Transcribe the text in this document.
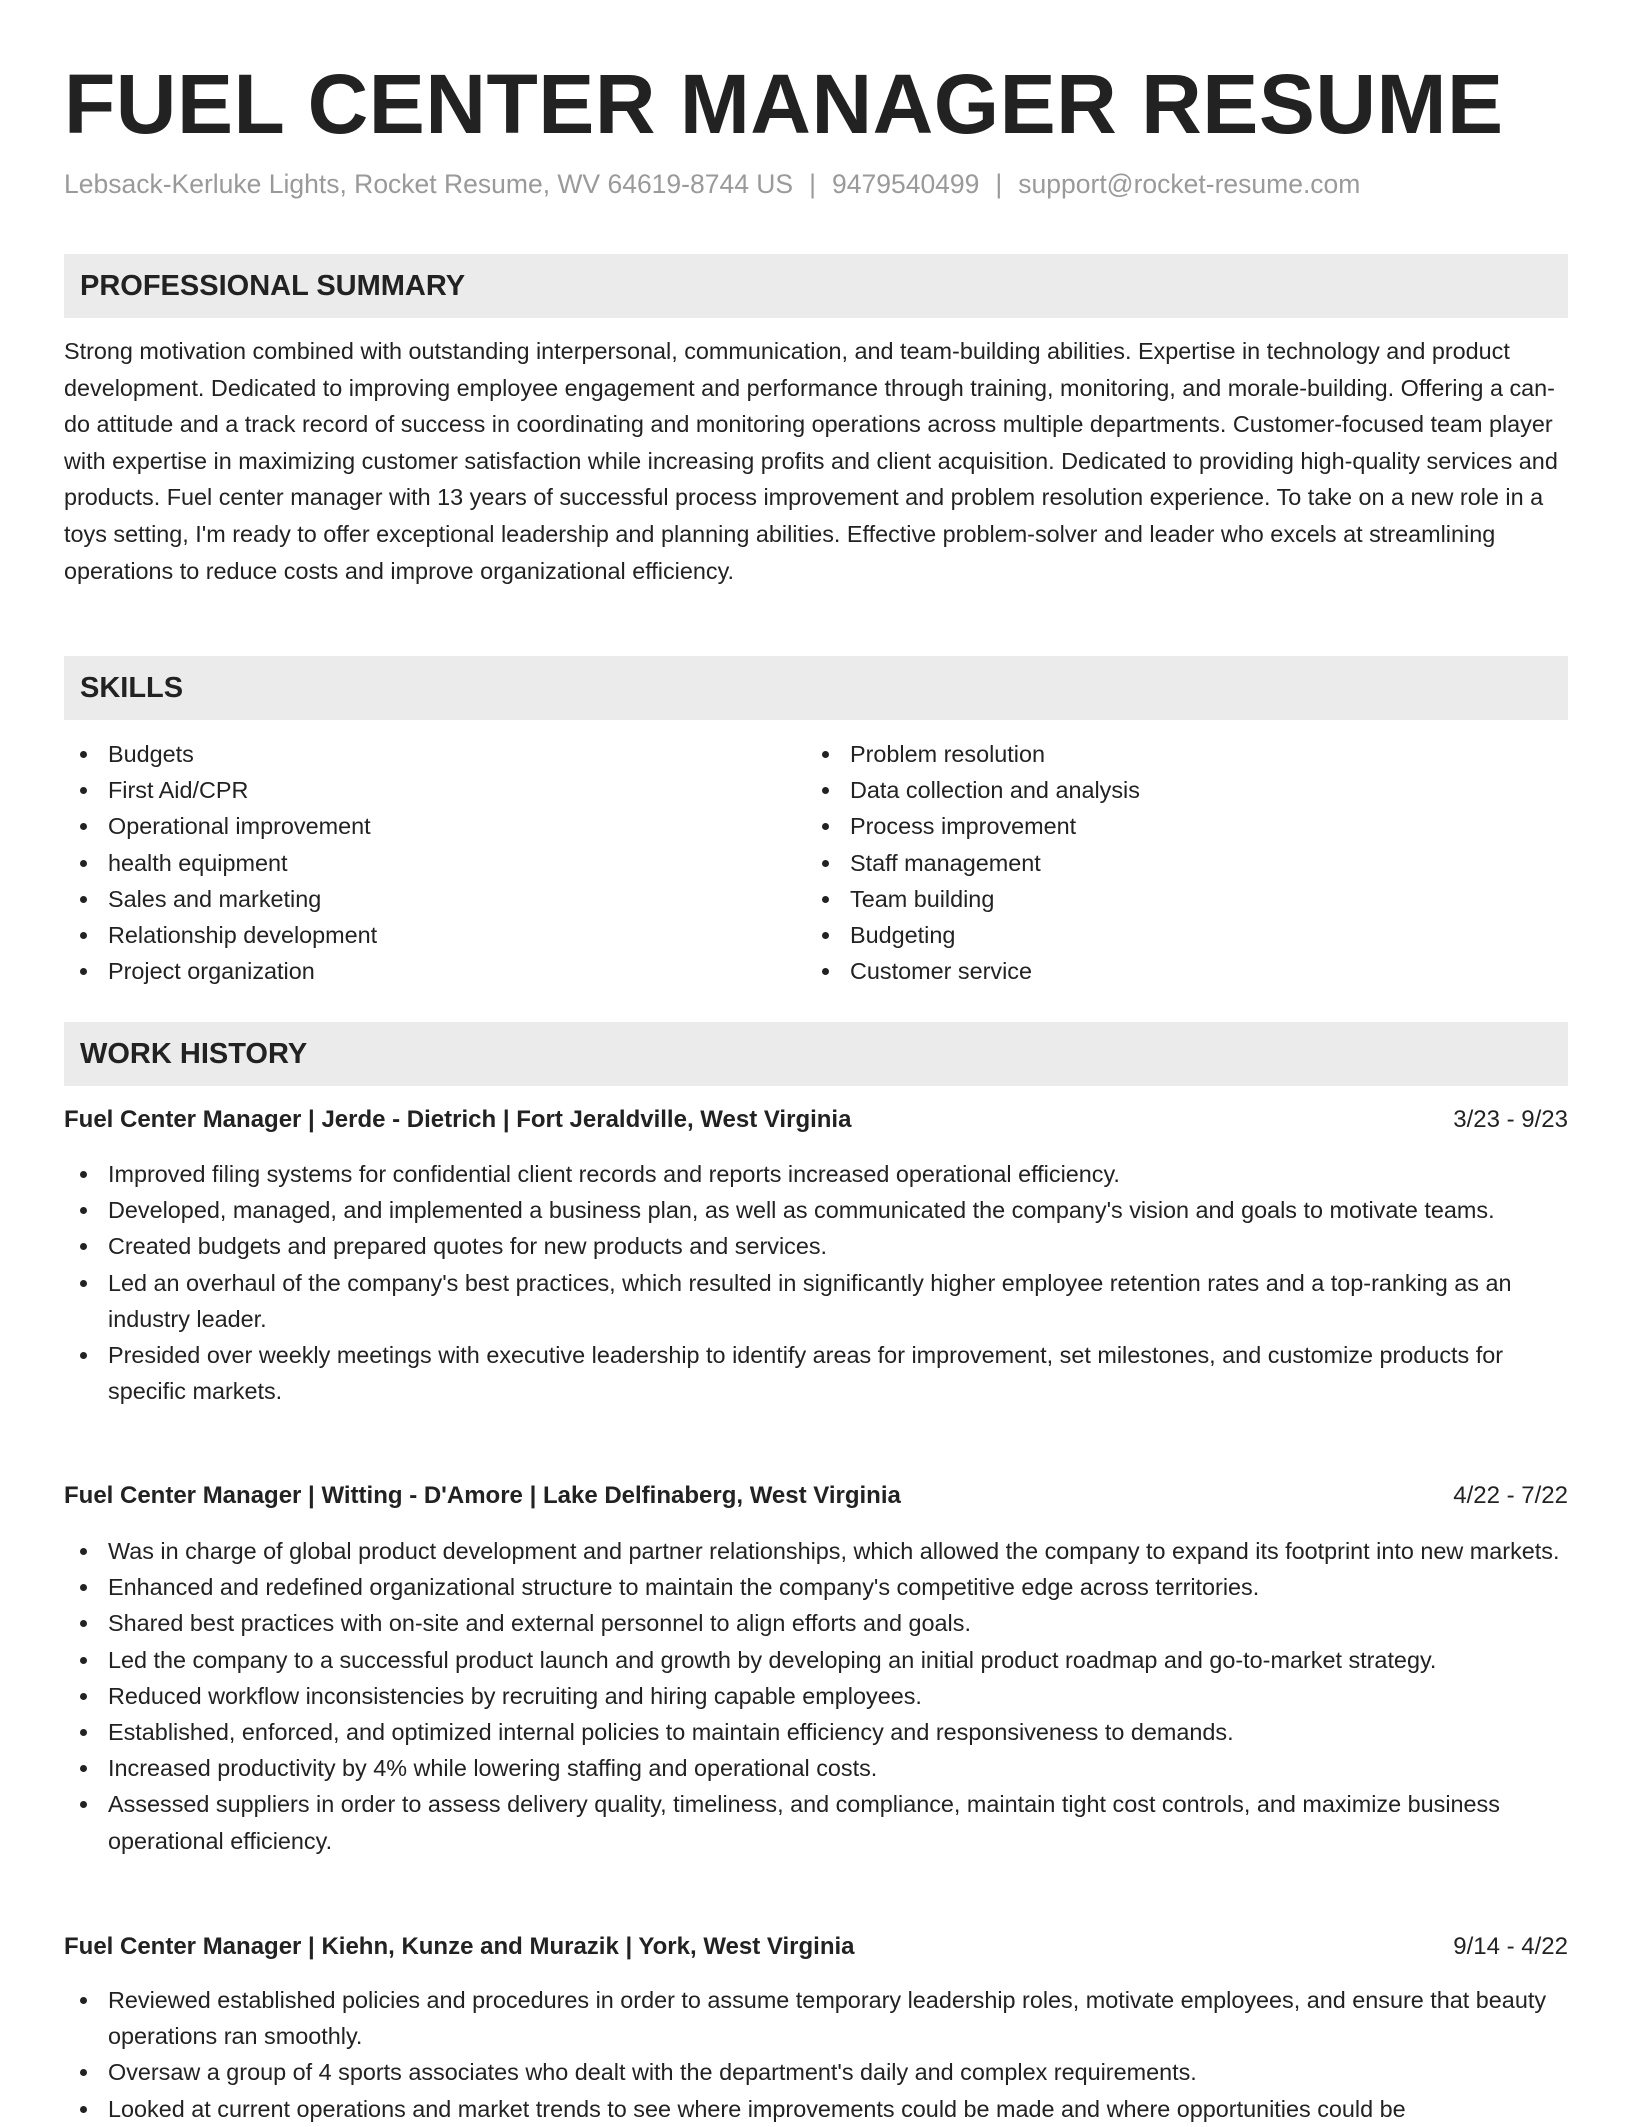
FUEL CENTER MANAGER RESUME
Lebsack-Kerluke Lights, Rocket Resume, WV 64619-8744 US | 9479540499 | support@rocket-resume.com
PROFESSIONAL SUMMARY

Strong motivation combined with outstanding interpersonal, communication, and team-building abilities. Expertise in technology and product development. Dedicated to improving employee engagement and performance through training, monitoring, and morale-building. Offering a can-do attitude and a track record of success in coordinating and monitoring operations across multiple departments. Customer-focused team player with expertise in maximizing customer satisfaction while increasing profits and client acquisition. Dedicated to providing high-quality services and products. Fuel center manager with 13 years of successful process improvement and problem resolution experience. To take on a new role in a toys setting, I'm ready to offer exceptional leadership and planning abilities. Effective problem-solver and leader who excels at streamlining operations to reduce costs and improve organizational efficiency.

SKILLS
Budgets
First Aid/CPR
Operational improvement
health equipment
Sales and marketing
Relationship development
Project organization
Problem resolution
Data collection and analysis
Process improvement
Staff management
Team building
Budgeting
Customer service
WORK HISTORY
Fuel Center Manager | Jerde - Dietrich | Fort Jeraldville, West Virginia	3/23 - 9/23
Improved filing systems for confidential client records and reports increased operational efficiency.
Developed, managed, and implemented a business plan, as well as communicated the company's vision and goals to motivate teams.
Created budgets and prepared quotes for new products and services.
Led an overhaul of the company's best practices, which resulted in significantly higher employee retention rates and a top-ranking as an industry leader.
Presided over weekly meetings with executive leadership to identify areas for improvement, set milestones, and customize products for specific markets.
Fuel Center Manager | Witting - D'Amore | Lake Delfinaberg, West Virginia	4/22 - 7/22
Was in charge of global product development and partner relationships, which allowed the company to expand its footprint into new markets.
Enhanced and redefined organizational structure to maintain the company's competitive edge across territories.
Shared best practices with on-site and external personnel to align efforts and goals.
Led the company to a successful product launch and growth by developing an initial product roadmap and go-to-market strategy.
Reduced workflow inconsistencies by recruiting and hiring capable employees.
Established, enforced, and optimized internal policies to maintain efficiency and responsiveness to demands.
Increased productivity by 4% while lowering staffing and operational costs.
Assessed suppliers in order to assess delivery quality, timeliness, and compliance, maintain tight cost controls, and maximize business operational efficiency.
Fuel Center Manager | Kiehn, Kunze and Murazik | York, West Virginia	9/14 - 4/22
Reviewed established policies and procedures in order to assume temporary leadership roles, motivate employees, and ensure that beauty operations ran smoothly.
Oversaw a group of 4 sports associates who dealt with the department's daily and complex requirements.
Looked at current operations and market trends to see where improvements could be made and where opportunities could be
